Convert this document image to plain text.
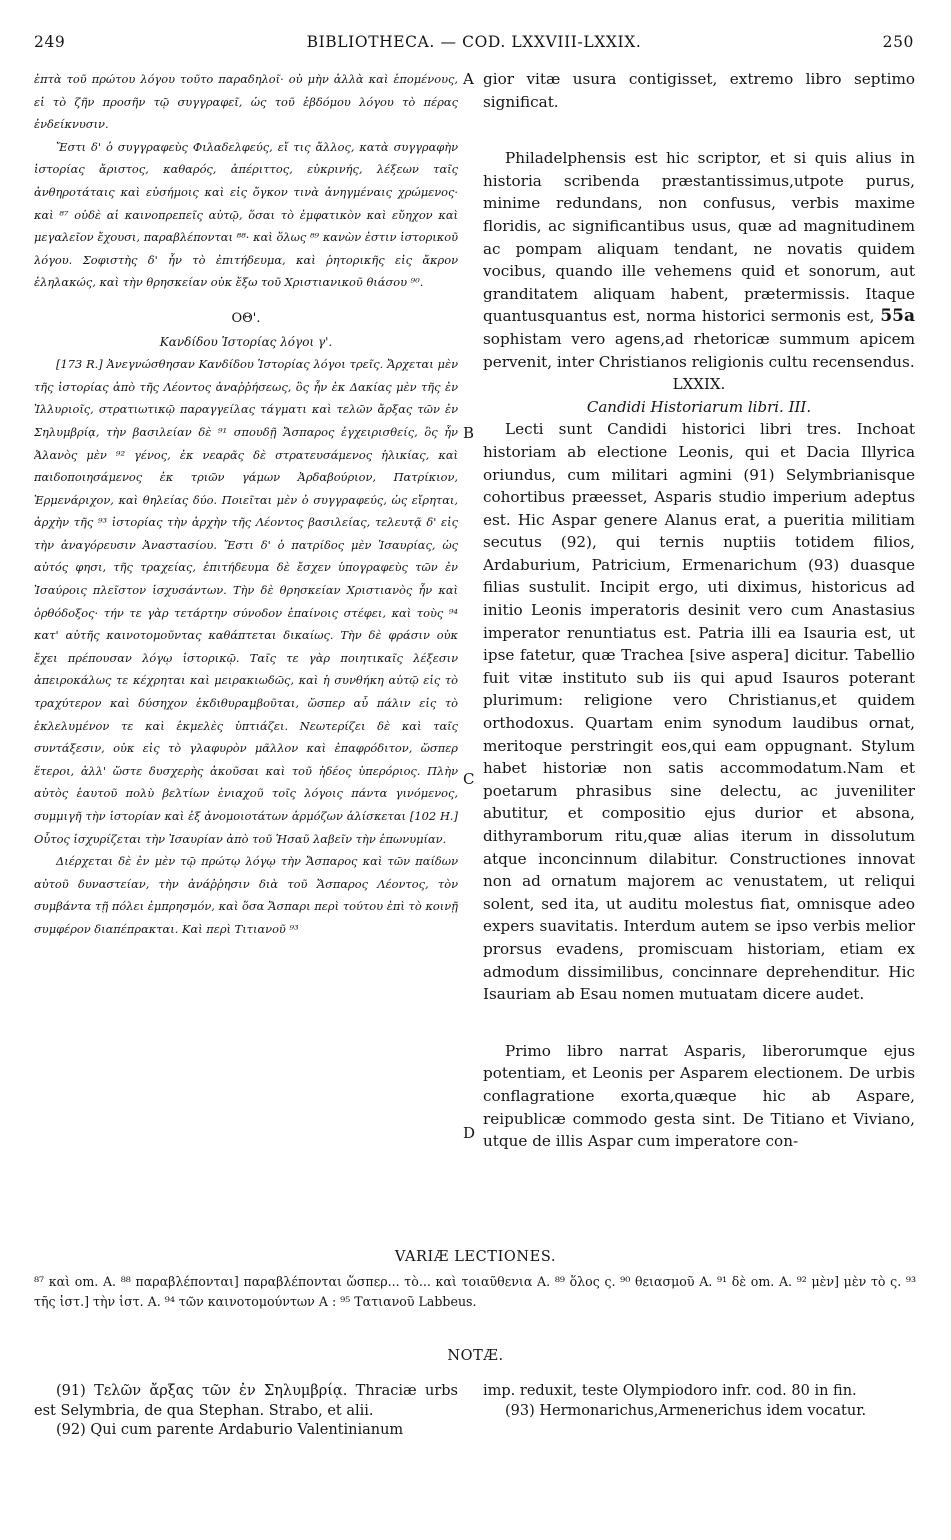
249	BIBLIOTHECA. — COD. LXXVIII-LXXIX.	250
A
B
C
D

ἑπτὰ τοῦ πρώτου λόγου τοῦτο παραδηλοῖ· οὐ μὴν ἀλλὰ καὶ ἑπομένους, εἰ τὸ ζῆν προσῆν τῷ συγγραφεῖ, ὡς τοῦ ἑβδόμου λόγου τὸ πέρας ἐνδείκνυσιν.

Ἔστι δ' ὁ συγγραφεὺς Φιλαδελφεύς, εἴ τις ἄλλος, κατὰ συγγραφὴν ἱστορίας ἄριστος, καθαρός, ἀπέριττος, εὐκρινής, λέξεων ταῖς ἀνθηροτάταις καὶ εὐσήμοις καὶ εἰς ὄγκον τινὰ ἀνηγμέναις χρώμενος· καὶ ⁸⁷ οὐδὲ αἱ καινοπρεπεῖς αὐτῷ, ὅσαι τὸ ἐμφατικὸν καὶ εὔηχον καὶ μεγαλεῖον ἔχουσι, παραβλέπονται ⁸⁸· καὶ ὅλως ⁸⁹ κανὼν ἐστιν ἱστορικοῦ λόγου. Σοφιστὴς δ' ἦν τὸ ἐπιτήδευμα, καὶ ῥητορικῆς εἰς ἄκρον ἐληλακώς, καὶ τὴν θρησκείαν οὐκ ἔξω τοῦ Χριστιανικοῦ θιάσου ⁹⁰.

ΟΘ'.

Κανδίδου Ἱστορίας λόγοι γ'.

[173 R.] Ἀνεγνώσθησαν Κανδίδου Ἱστορίας λόγοι τρεῖς. Ἄρχεται μὲν τῆς ἱστορίας ἀπὸ τῆς Λέοντος ἀναῤῥήσεως, ὃς ἦν ἐκ Δακίας μὲν τῆς ἐν Ἰλλυριοῖς, στρατιωτικῷ παραγγείλας τάγματι καὶ τελῶν ἄρξας τῶν ἐν Σηλυμβρίᾳ, τὴν βασιλείαν δὲ ⁹¹ σπουδῇ Ἄσπαρος ἐγχειρισθείς, ὃς ἦν Ἀλανὸς μὲν ⁹² γένος, ἐκ νεαρᾶς δὲ στρατευσάμενος ἡλικίας, καὶ παιδοποιησάμενος ἐκ τριῶν γάμων Ἀρδαβούριον, Πατρίκιον, Ἑρμενάριχον, καὶ θηλείας δύο. Ποιεῖται μὲν ὁ συγγραφεύς, ὡς εἴρηται, ἀρχὴν τῆς ⁹³ ἱστορίας τὴν ἀρχὴν τῆς Λέοντος βασιλείας, τελευτᾷ δ' εἰς τὴν ἀναγόρευσιν Ἀναστασίου. Ἔστι δ' ὁ πατρίδος μὲν Ἰσαυρίας, ὡς αὐτός φησι, τῆς τραχείας, ἐπιτήδευμα δὲ ἔσχεν ὑπογραφεὺς τῶν ἐν Ἰσαύροις πλεῖστον ἰσχυσάντων. Τὴν δὲ θρησκείαν Χριστιανὸς ἦν καὶ ὀρθόδοξος· τήν τε γὰρ τετάρτην σύνοδον ἐπαίνοις στέφει, καὶ τοὺς ⁹⁴ κατ' αὐτῆς καινοτομοῦντας καθάπτεται δικαίως. Τὴν δὲ φράσιν οὐκ ἔχει πρέπουσαν λόγῳ ἱστορικῷ. Ταῖς τε γὰρ ποιητικαῖς λέξεσιν ἀπειροκάλως τε κέχρηται καὶ μειρακιωδῶς, καὶ ἡ συνθήκη αὐτῷ εἰς τὸ τραχύτερον καὶ δύσηχον ἐκδιθυραμβοῦται, ὥσπερ αὖ πάλιν εἰς τὸ ἐκλελυμένον τε καὶ ἐκμελὲς ὑπτιάζει. Νεωτερίζει δὲ καὶ ταῖς συντάξεσιν, οὐκ εἰς τὸ γλαφυρὸν μᾶλλον καὶ ἐπαφρόδιτον, ὥσπερ ἕτεροι, ἀλλ' ὥστε δυσχερὴς ἀκοῦσαι καὶ τοῦ ἡδέος ὑπερόριος. Πλὴν αὐτὸς ἑαυτοῦ πολὺ βελτίων ἐνιαχοῦ τοῖς λόγοις πάντα γινόμενος, συμμιγῆ τὴν ἱστορίαν καὶ ἐξ ἀνομοιοτάτων ἁρμόζων ἁλίσκεται [102 H.] Οὗτος ἰσχυρίζεται τὴν Ἰσαυρίαν ἀπὸ τοῦ Ἡσαῦ λαβεῖν τὴν ἐπωνυμίαν.

Διέρχεται δὲ ἐν μὲν τῷ πρώτῳ λόγῳ τὴν Ἄσπαρος καὶ τῶν παίδων αὐτοῦ δυναστείαν, τὴν ἀνάῤῥησιν διὰ τοῦ Ἄσπαρος Λέοντος, τὸν συμβάντα τῇ πόλει ἐμπρησμόν, καὶ ὅσα Ἄσπαρι περὶ τούτου ἐπὶ τὸ κοινῇ συμφέρον διαπέπρακται. Καὶ περὶ Τιτιανοῦ ⁹³

gior vitæ usura contigisset, extremo libro septimo significat.

Philadelphensis est hic scriptor, et si quis alius in historia scribenda præstantissimus,utpote purus, minime redundans, non confusus, verbis maxime floridis, ac significantibus usus, quæ ad magnitudinem ac pompam aliquam tendant, ne novatis quidem vocibus, quando ille vehemens quid et sonorum, aut granditatem aliquam habent, prætermissis. Itaque quantusquantus est, norma historici sermonis est, 55a sophistam vero agens,ad rhetoricæ summum apicem pervenit, inter Christianos religionis cultu recensendus.

LXXIX.

Candidi Historiarum libri. III.

Lecti sunt Candidi historici libri tres. Inchoat historiam ab electione Leonis, qui et Dacia Illyrica oriundus, cum militari agmini (91) Selymbrianisque cohortibus præesset, Asparis studio imperium adeptus est. Hic Aspar genere Alanus erat, a pueritia militiam secutus (92), qui ternis nuptiis totidem filios, Ardaburium, Patricium, Ermenarichum (93) duasque filias sustulit. Incipit ergo, uti diximus, historicus ad initio Leonis imperatoris desinit vero cum Anastasius imperator renuntiatus est. Patria illi ea Isauria est, ut ipse fatetur, quæ Trachea [sive aspera] dicitur. Tabellio fuit vitæ instituto sub iis qui apud Isauros poterant plurimum: religione vero Christianus,et quidem orthodoxus. Quartam enim synodum laudibus ornat, meritoque perstringit eos,qui eam oppugnant. Stylum habet historiæ non satis accommodatum.Nam et poetarum phrasibus sine delectu, ac juveniliter abutitur, et compositio ejus durior et absona, dithyramborum ritu,quæ alias iterum in dissolutum atque inconcinnum dilabitur. Constructiones innovat non ad ornatum majorem ac venustatem, ut reliqui solent, sed ita, ut auditu molestus fiat, omnisque adeo expers suavitatis. Interdum autem se ipso verbis melior prorsus evadens, promiscuam historiam, etiam ex admodum dissimilibus, concinnare deprehenditur. Hic Isauriam ab Esau nomen mutuatam dicere audet.

Primo libro narrat Asparis, liberorumque ejus potentiam, et Leonis per Asparem electionem. De urbis conflagratione exorta,quæque hic ab Aspare, reipublicæ commodo gesta sint. De Titiano et Viviano, utque de illis Aspar cum imperatore con-

VARIÆ LECTIONES.

⁸⁷ καὶ om. A. ⁸⁸ παραβλέπονται] παραβλέπονται ὥσπερ... τὸ... καὶ τοιαῦθενια A. ⁸⁹ ὅλος ς. ⁹⁰ θειασμοῦ A. ⁹¹ δὲ om. A. ⁹² μὲν] μὲν τὸ ς. ⁹³ τῆς ἱστ.] τὴν ἱστ. A. ⁹⁴ τῶν καινοτομούντων A : ⁹⁵ Τατιανοῦ Labbeus.

NOTÆ.

(91) Τελῶν ἄρξας τῶν ἐν Σηλυμβρίᾳ. Thraciæ urbs est Selymbria, de qua Stephan. Strabo, et alii.

(92) Qui cum parente Ardaburio Valentinianum

imp. reduxit, teste Olympiodoro infr. cod. 80 in fin.

(93) Hermonarichus,Armenerichus idem vocatur.
